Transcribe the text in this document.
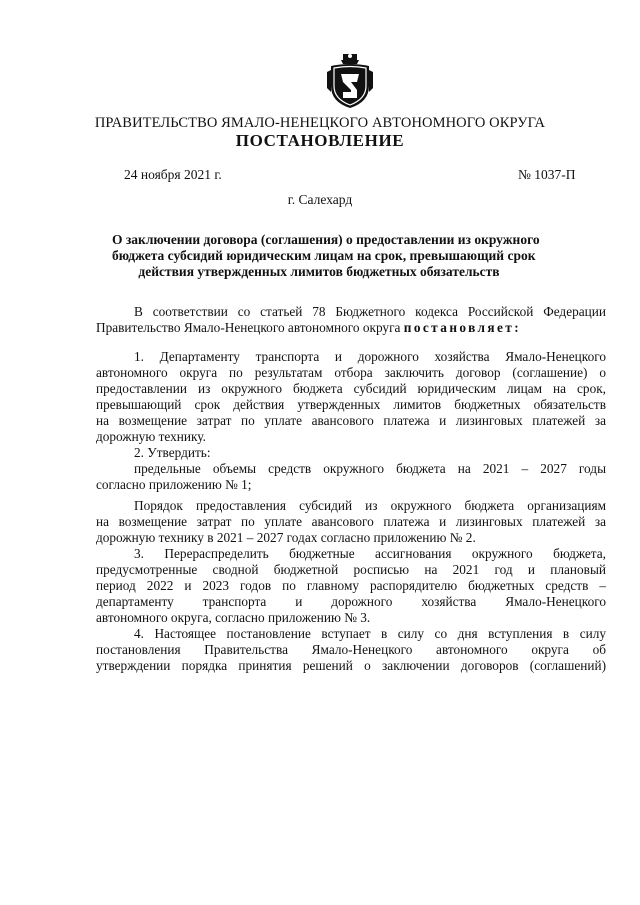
ПРАВИТЕЛЬСТВО ЯМАЛО-НЕНЕЦКОГО АВТОНОМНОГО ОКРУГА
ПОСТАНОВЛЕНИЕ
24 ноября 2021 г.	№ 1037-П
г. Салехард
О заключении договора (соглашения) о предоставлении из окружного
бюджета субсидий юридическим лицам на срок, превышающий срок
действия утвержденных лимитов бюджетных обязательств
В соответствии со статьей 78 Бюджетного кодекса Российской Федерации
Правительство Ямало-Ненецкого автономного округа постановляет:
1. Департаменту транспорта и дорожного хозяйства Ямало-Ненецкого
автономного округа по результатам отбора заключить договор (соглашение) о
предоставлении из окружного бюджета субсидий юридическим лицам на срок,
превышающий срок действия утвержденных лимитов бюджетных обязательств
на возмещение затрат по уплате авансового платежа и лизинговых платежей за
дорожную технику.
2. Утвердить:
предельные объемы средств окружного бюджета на 2021 – 2027 годы
согласно приложению № 1;
Порядок предоставления субсидий из окружного бюджета организациям
на возмещение затрат по уплате авансового платежа и лизинговых платежей за
дорожную технику в 2021 – 2027 годах согласно приложению № 2.
3. Перераспределить бюджетные ассигнования окружного бюджета,
предусмотренные сводной бюджетной росписью на 2021 год и плановый
период 2022 и 2023 годов по главному распорядителю бюджетных средств –
департаменту транспорта и дорожного хозяйства Ямало-Ненецкого
автономного округа, согласно приложению № 3.
4. Настоящее постановление вступает в силу со дня вступления в силу
постановления Правительства Ямало-Ненецкого автономного округа об
утверждении порядка принятия решений о заключении договоров (соглашений)
